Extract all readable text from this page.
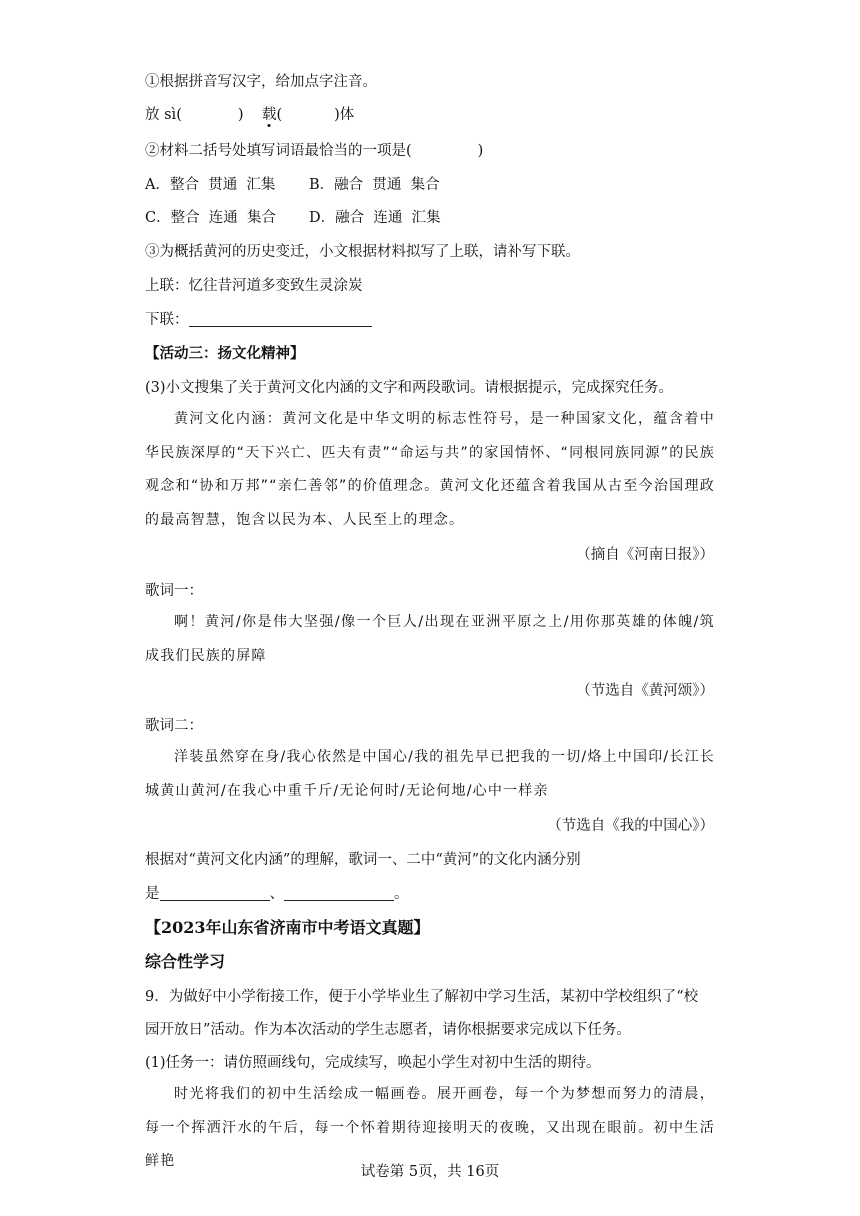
①根据拼音写汉字，给加点字注音。
放 sì(	) 载(	)体
②材料二括号处填写词语最恰当的一项是(	)
A．整合  贯通  汇集 B．融合  贯通  集合
C．整合  连通  集合 D．融合  连通  汇集
③为概括黄河的历史变迁，小文根据材料拟写了上联，请补写下联。
上联：忆往昔河道多变致生灵涂炭
下联：
【活动三：扬文化精神】
(3)小文搜集了关于黄河文化内涵的文字和两段歌词。请根据提示，完成探究任务。
黄河文化内涵：黄河文化是中华文明的标志性符号，是一种国家文化，蕴含着中华民族深厚的“天下兴亡、匹夫有责”“命运与共”的家国情怀、“同根同族同源”的民族观念和“协和万邦”“亲仁善邻”的价值理念。黄河文化还蕴含着我国从古至今治国理政的最高智慧，饱含以民为本、人民至上的理念。
（摘自《河南日报》）
歌词一：
啊！黄河/你是伟大坚强/像一个巨人/出现在亚洲平原之上/用你那英雄的体魄/筑成我们民族的屏障
（节选自《黄河颂》）
歌词二：
洋装虽然穿在身/我心依然是中国心/我的祖先早已把我的一切/烙上中国印/长江长城黄山黄河/在我心中重千斤/无论何时/无论何地/心中一样亲
（节选自《我的中国心》）
根据对“黄河文化内涵”的理解，歌词一、二中“黄河”的文化内涵分别
是	、	。
【2023年山东省济南市中考语文真题】
综合性学习
9．为做好中小学衔接工作，便于小学毕业生了解初中学习生活，某初中学校组织了“校
园开放日”活动。作为本次活动的学生志愿者，请你根据要求完成以下任务。
(1)任务一：请仿照画线句，完成续写，唤起小学生对初中生活的期待。
时光将我们的初中生活绘成一幅画卷。展开画卷，每一个为梦想而努力的清晨，每一个挥洒汗水的午后，每一个怀着期待迎接明天的夜晚，又出现在眼前。初中生活鲜艳
试卷第 5页，共 16页
